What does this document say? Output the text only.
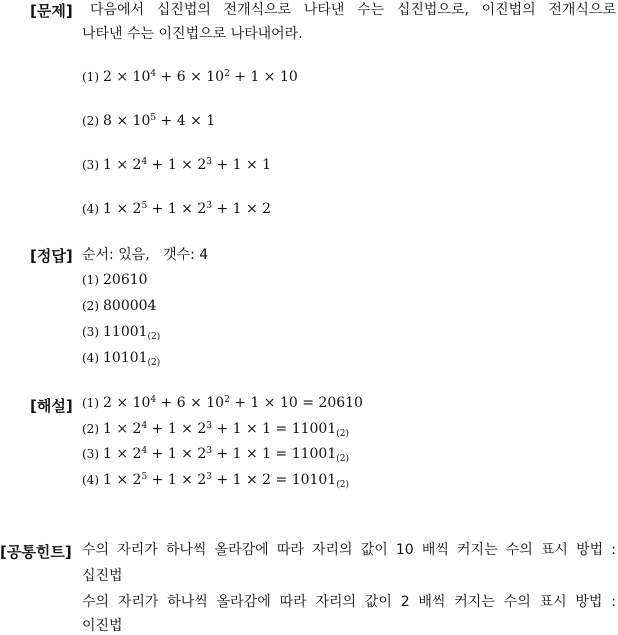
[문제] 다음에서 십진법의 전개식으로 나타낸 수는 십진법으로, 이진법의 전개식으로
나타낸 수는 이진법으로 나타내어라.
(1) $2 \times 10^4 + 6 \times 10^2 + 1 \times 10$
(2) $8 \times 10^5 + 4 \times 1$
(3) $1 \times 2^4 + 1 \times 2^3 + 1 \times 1$
(4) $1 \times 2^5 + 1 \times 2^3 + 1 \times 2$
[정답] 순서: 있음,   갯수: 4
(1) 20610
(2) 800004
(3) $11001_{(2)}$
(4) $10101_{(2)}$
[해설] (1) $2 \times 10^4 + 6 \times 10^2 + 1 \times 10 = 20610$
(2) $1 \times 2^4 + 1 \times 2^3 + 1 \times 1 = 11001_{(2)}$
(3) $1 \times 2^4 + 1 \times 2^3 + 1 \times 1 = 11001_{(2)}$
(4) $1 \times 2^5 + 1 \times 2^3 + 1 \times 2 = 10101_{(2)}$
[공통힌트] 수의 자리가 하나씩 올라감에 따라 자리의 값이 10 배씩 커지는 수의 표시 방법 :
십진법
수의 자리가 하나씩 올라감에 따라 자리의 값이 2 배씩 커지는 수의 표시 방법 :
이진법
